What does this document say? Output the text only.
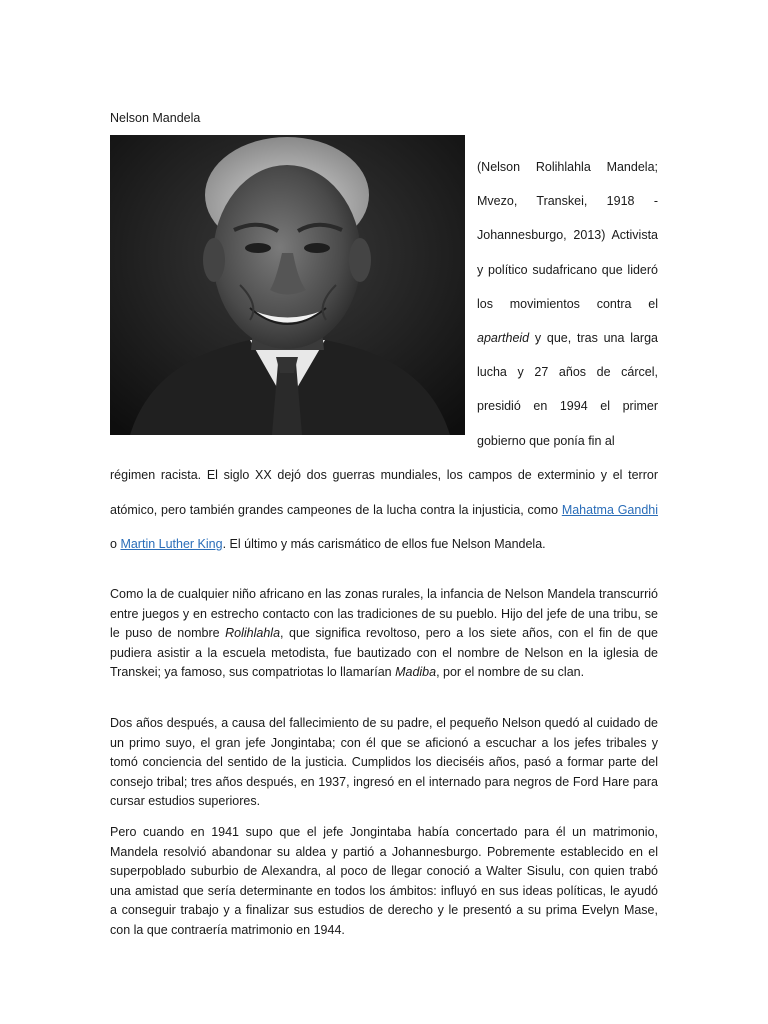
Nelson Mandela
(Nelson Rolihlahla Mandela; Mvezo, Transkei, 1918 - Johannesburgo, 2013) Activista y político sudafricano que lideró los movimientos contra el apartheid y que, tras una larga lucha y 27 años de cárcel, presidió en 1994 el primer gobierno que ponía fin al
régimen racista. El siglo XX dejó dos guerras mundiales, los campos de exterminio y el terror atómico, pero también grandes campeones de la lucha contra la injusticia, como Mahatma Gandhi o Martin Luther King. El último y más carismático de ellos fue Nelson Mandela.
Como la de cualquier niño africano en las zonas rurales, la infancia de Nelson Mandela transcurrió entre juegos y en estrecho contacto con las tradiciones de su pueblo. Hijo del jefe de una tribu, se le puso de nombre Rolihlahla, que significa revoltoso, pero a los siete años, con el fin de que pudiera asistir a la escuela metodista, fue bautizado con el nombre de Nelson en la iglesia de Transkei; ya famoso, sus compatriotas lo llamarían Madiba, por el nombre de su clan.
Dos años después, a causa del fallecimiento de su padre, el pequeño Nelson quedó al cuidado de un primo suyo, el gran jefe Jongintaba; con él que se aficionó a escuchar a los jefes tribales y tomó conciencia del sentido de la justicia. Cumplidos los dieciséis años, pasó a formar parte del consejo tribal; tres años después, en 1937, ingresó en el internado para negros de Ford Hare para cursar estudios superiores.
Pero cuando en 1941 supo que el jefe Jongintaba había concertado para él un matrimonio, Mandela resolvió abandonar su aldea y partió a Johannesburgo. Pobremente establecido en el superpoblado suburbio de Alexandra, al poco de llegar conoció a Walter Sisulu, con quien trabó una amistad que sería determinante en todos los ámbitos: influyó en sus ideas políticas, le ayudó a conseguir trabajo y a finalizar sus estudios de derecho y le presentó a su prima Evelyn Mase, con la que contraería matrimonio en 1944.
